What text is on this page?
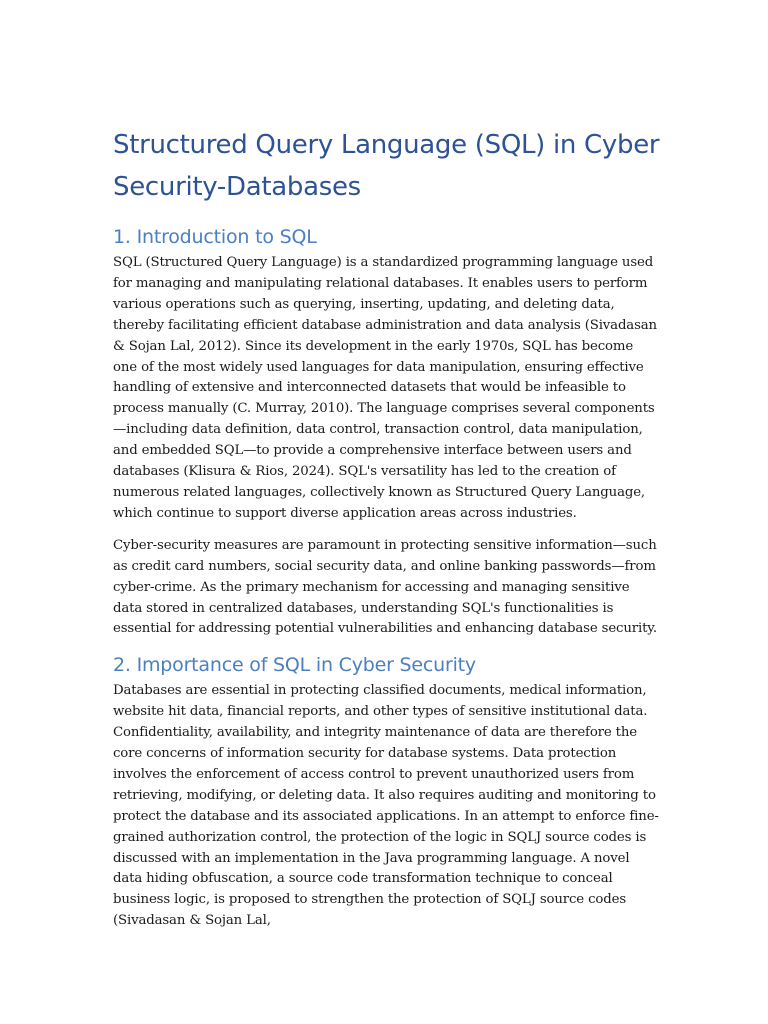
Structured Query Language (SQL) in Cyber Security-Databases
1. Introduction to SQL

SQL (Structured Query Language) is a standardized programming language used for managing and manipulating relational databases. It enables users to perform various operations such as querying, inserting, updating, and deleting data, thereby facilitating efficient database administration and data analysis (Sivadasan & Sojan Lal, 2012). Since its development in the early 1970s, SQL has become one of the most widely used languages for data manipulation, ensuring effective handling of extensive and interconnected datasets that would be infeasible to process manually (C. Murray, 2010). The language comprises several components—including data definition, data control, transaction control, data manipulation, and embedded SQL—to provide a comprehensive interface between users and databases (Klisura & Rios, 2024). SQL's versatility has led to the creation of numerous related languages, collectively known as Structured Query Language, which continue to support diverse application areas across industries.

Cyber-security measures are paramount in protecting sensitive information—such as credit card numbers, social security data, and online banking passwords—from cyber-crime. As the primary mechanism for accessing and managing sensitive data stored in centralized databases, understanding SQL's functionalities is essential for addressing potential vulnerabilities and enhancing database security.

2. Importance of SQL in Cyber Security

Databases are essential in protecting classified documents, medical information, website hit data, financial reports, and other types of sensitive institutional data. Confidentiality, availability, and integrity maintenance of data are therefore the core concerns of information security for database systems. Data protection involves the enforcement of access control to prevent unauthorized users from retrieving, modifying, or deleting data. It also requires auditing and monitoring to protect the database and its associated applications. In an attempt to enforce fine-grained authorization control, the protection of the logic in SQLJ source codes is discussed with an implementation in the Java programming language. A novel data hiding obfuscation, a source code transformation technique to conceal business logic, is proposed to strengthen the protection of SQLJ source codes (Sivadasan & Sojan Lal,
